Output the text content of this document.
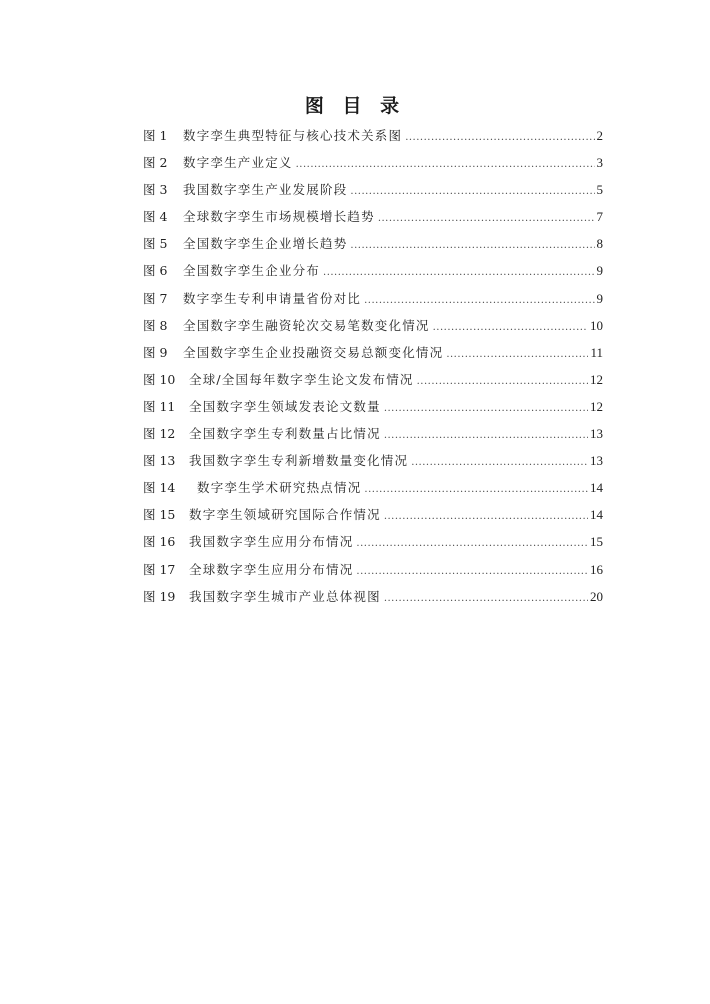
图 目 录
图 1	数字孪生典型特征与核心技术关系图 .....	2
图 2	数字孪生产业定义 .....	3
图 3	我国数字孪生产业发展阶段 .....	5
图 4	全球数字孪生市场规模增长趋势 .....	7
图 5	全国数字孪生企业增长趋势 .....	8
图 6	全国数字孪生企业分布 .....	9
图 7	数字孪生专利申请量省份对比 .....	9
图 8	全国数字孪生融资轮次交易笔数变化情况 .....	10
图 9	全国数字孪生企业投融资交易总额变化情况 .....	11
图 10	全球/全国每年数字孪生论文发布情况 .....	12
图 11	全国数字孪生领域发表论文数量 .....	12
图 12	全国数字孪生专利数量占比情况 .....	13
图 13	我国数字孪生专利新增数量变化情况 .....	13
图 14	数字孪生学术研究热点情况 .....	14
图 15	数字孪生领域研究国际合作情况 .....	14
图 16	我国数字孪生应用分布情况 .....	15
图 17	全球数字孪生应用分布情况 .....	16
图 19	我国数字孪生城市产业总体视图 .....	20
